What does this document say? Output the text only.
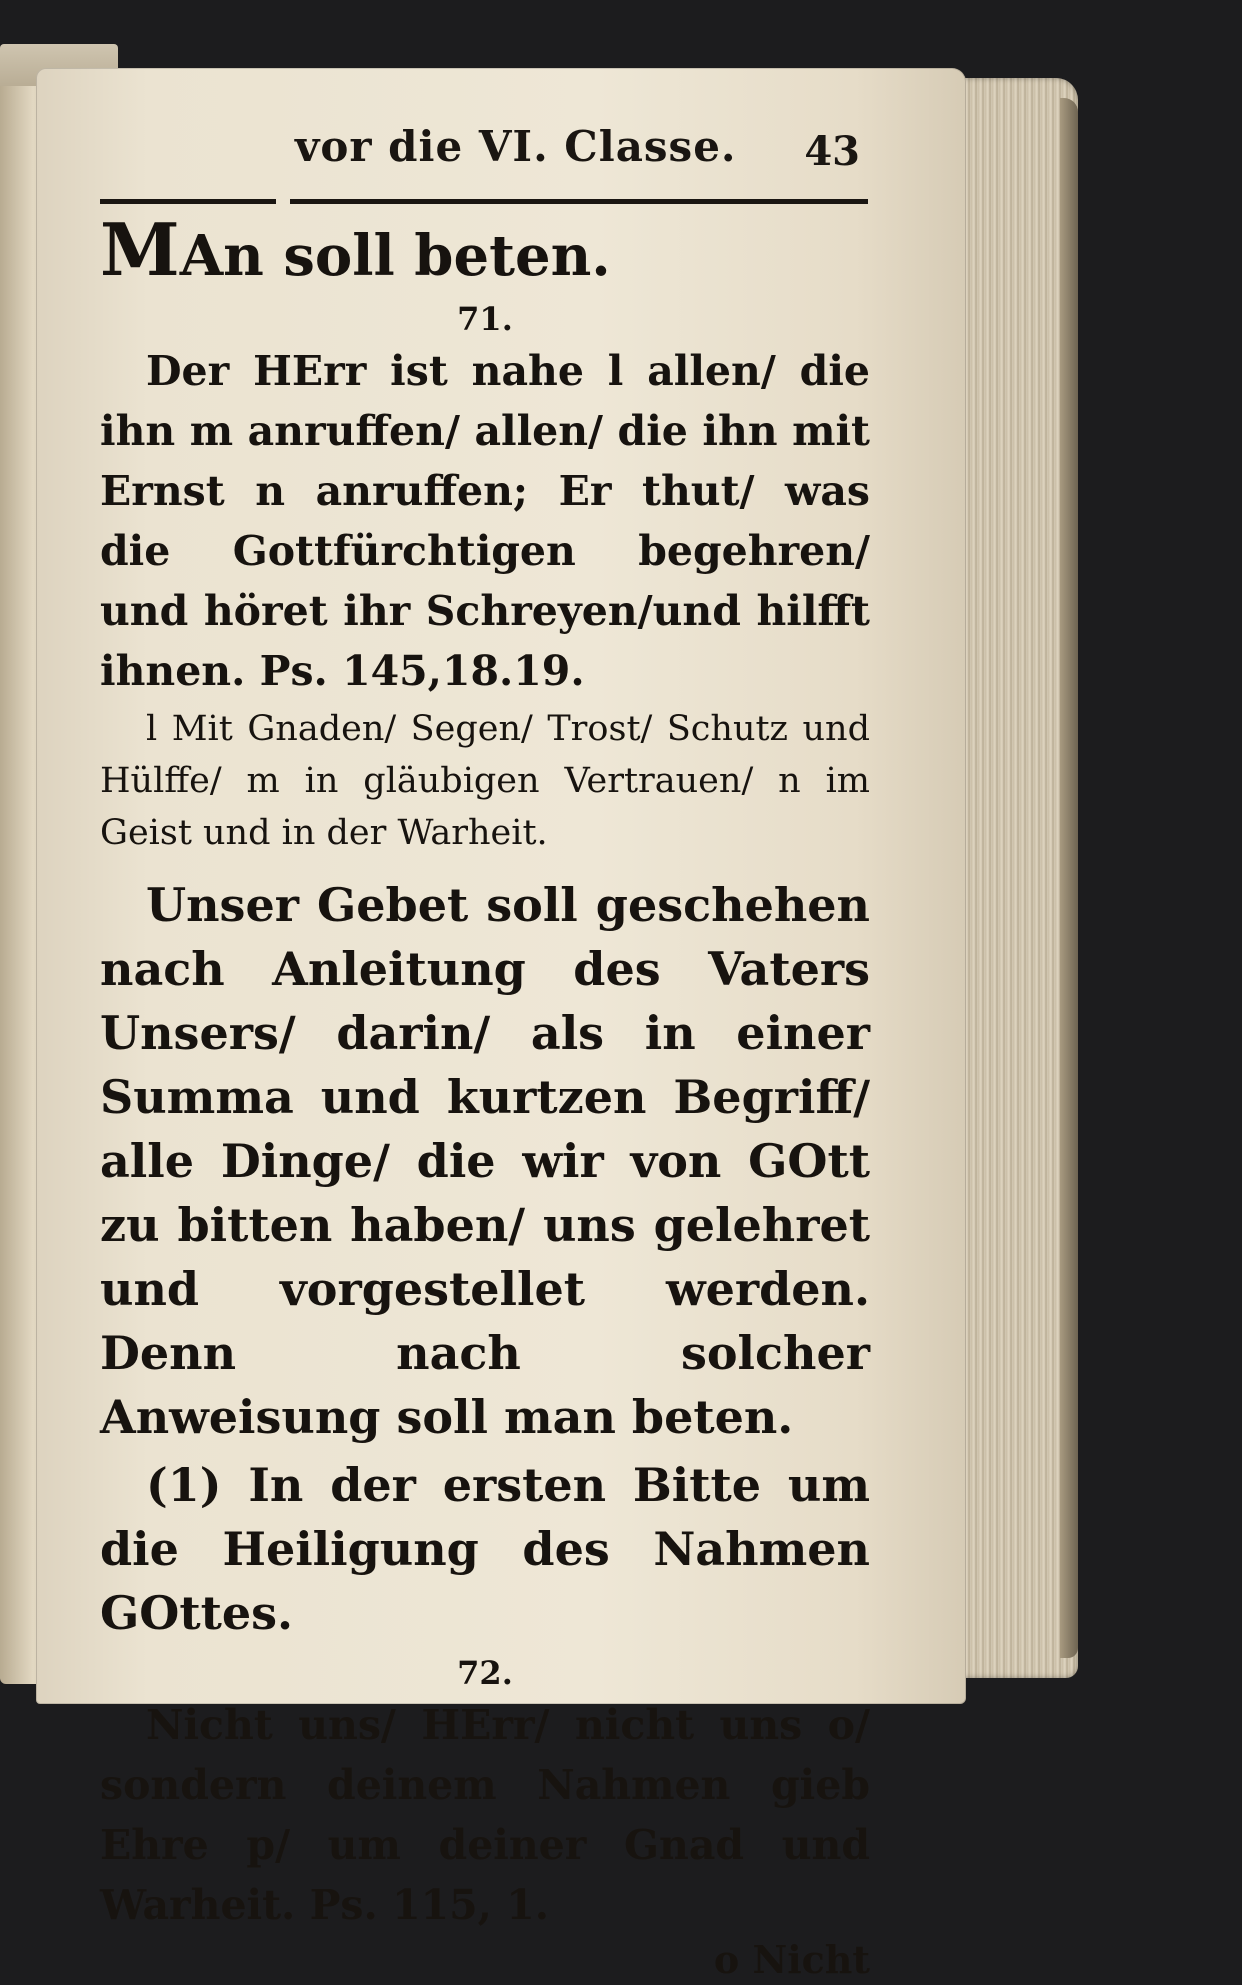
vor die VI. Classe. 43

MAn soll beten.

71.

Der HErr ist nahe l allen/ die ihn m anruffen/ allen/ die ihn mit Ernst n anruffen; Er thut/ was die Gottfürchtigen begehren/ und höret ihr Schreyen/und hilfft ihnen. Ps. 145,18.19.

l Mit Gnaden/ Segen/ Trost/ Schutz und Hülffe/ m in gläubigen Vertrauen/ n im Geist und in der Warheit.

Unser Gebet soll geschehen nach Anleitung des Vaters Unsers/ darin/ als in einer Summa und kurtzen Begriff/ alle Dinge/ die wir von GOtt zu bitten haben/ uns gelehret und vorgestellet werden. Denn nach solcher Anweisung soll man beten.

(1) In der ersten Bitte um die Heiligung des Nahmen GOttes.

72.

Nicht uns/ HErr/ nicht uns o/ sondern deinem Nahmen gieb Ehre p/ um deiner Gnad und Warheit. Ps. 115, 1.

o Nicht
